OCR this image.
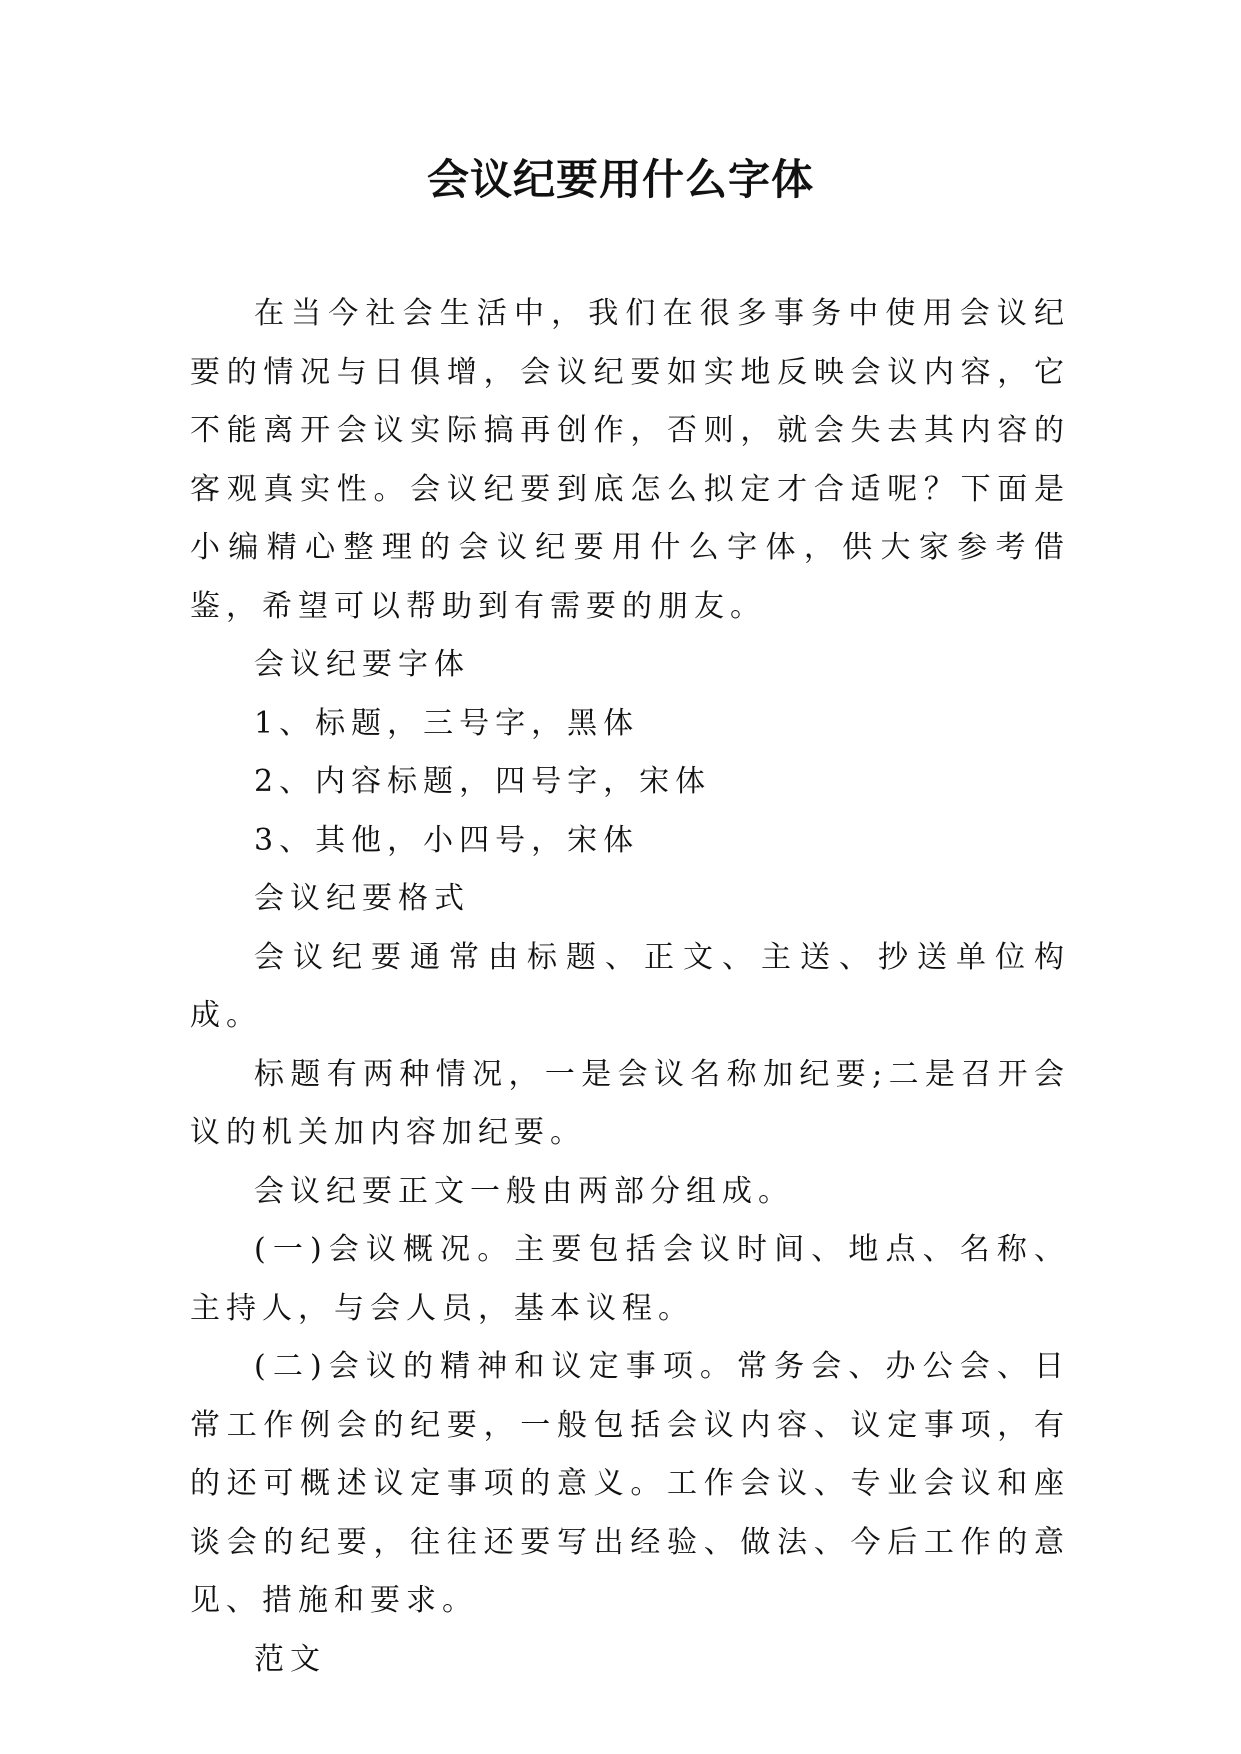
会议纪要用什么字体

在当今社会生活中，我们在很多事务中使用会议纪要的情况与日俱增，会议纪要如实地反映会议内容，它不能离开会议实际搞再创作，否则，就会失去其内容的客观真实性。会议纪要到底怎么拟定才合适呢？下面是小编精心整理的会议纪要用什么字体，供大家参考借鉴，希望可以帮助到有需要的朋友。

会议纪要字体

1、标题，三号字，黑体

2、内容标题，四号字，宋体

3、其他，小四号，宋体

会议纪要格式

会议纪要通常由标题、正文、主送、抄送单位构成。

标题有两种情况，一是会议名称加纪要;二是召开会议的机关加内容加纪要。

会议纪要正文一般由两部分组成。

(一)会议概况。主要包括会议时间、地点、名称、主持人，与会人员，基本议程。

(二)会议的精神和议定事项。常务会、办公会、日常工作例会的纪要，一般包括会议内容、议定事项，有的还可概述议定事项的意义。工作会议、专业会议和座谈会的纪要，往往还要写出经验、做法、今后工作的意见、措施和要求。

范文
